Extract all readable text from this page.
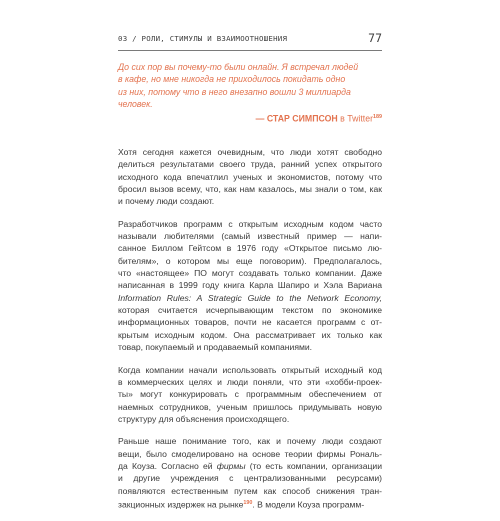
03 / РОЛИ, СТИМУЛЫ И ВЗАИМООТНОШЕНИЯ	77

До сих пор вы почему-то были онлайн. Я встречал людей

в кафе, но мне никогда не приходилось покидать одно

из них, потому что в него внезапно вошли 3 миллиарда

человек.

— СТАР СИМПСОН в Twitter$^{189}$

Хотя сегодня кажется очевидным, что люди хотят свободно
делиться результатами своего труда, ранний успех открытого
исходного кода впечатлил ученых и экономистов, потому что
бросил вызов всему, что, как нам казалось, мы знали о том, как
и почему люди создают.

Разработчиков программ с открытым исходным кодом часто
называли любителями (самый известный пример — напи-
санное Биллом Гейтсом в 1976 году «Открытое письмо лю-
бителям», о котором мы еще поговорим). Предполагалось,
что «настоящее» ПО могут создавать только компании. Даже
написанная в 1999 году книга Карла Шапиро и Хэла Вариана
Information Rules: A Strategic Guide to the Network Economy,
которая считается исчерпывающим текстом по экономике
информационных товаров, почти не касается программ с от-
крытым исходным кодом. Она рассматривает их только как
товар, покупаемый и продаваемый компаниями.

Когда компании начали использовать открытый исходный код
в коммерческих целях и люди поняли, что эти «хобби-проек-
ты» могут конкурировать с программным обеспечением от
наемных сотрудников, ученым пришлось придумывать новую
структуру для объяснения происходящего.

Раньше наше понимание того, как и почему люди создают
вещи, было смоделировано на основе теории фирмы Рональ-
да Коуза. Согласно ей фирмы (то есть компании, организации
и другие учреждения с централизованными ресурсами)
появляются естественным путем как способ снижения тран-
закционных издержек на рынке$^{190}$. В модели Коуза программ-
